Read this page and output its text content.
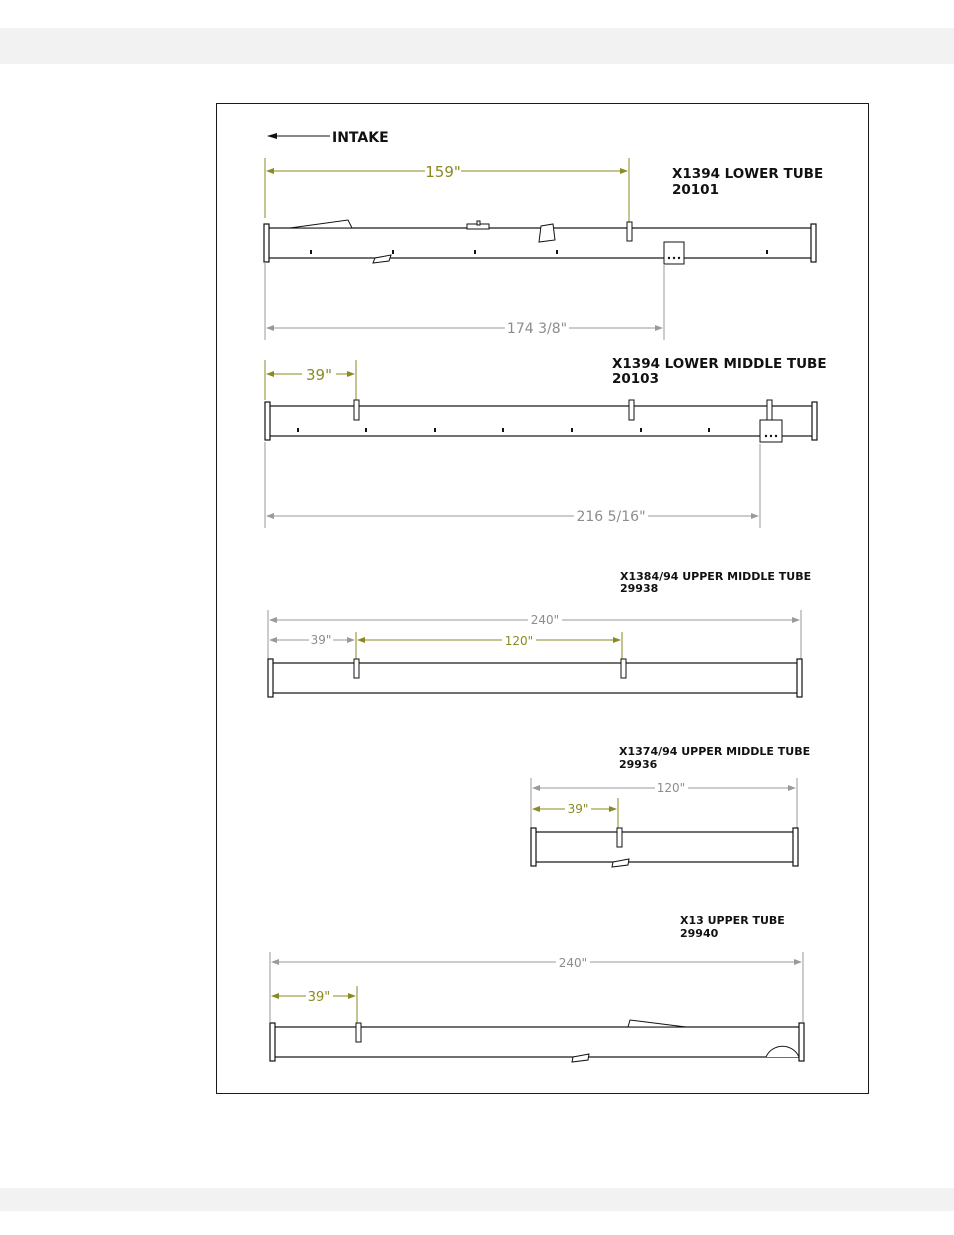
INTAKE
X1394 LOWER TUBE
20101
159"
174 3/8"
X1394 LOWER MIDDLE TUBE
20103
39"
216 5/16"
X1384/94 UPPER MIDDLE TUBE
29938
240"
39"	120"
X1374/94 UPPER MIDDLE TUBE
29936
120"
39"
X13 UPPER TUBE
29940
240"
39"
